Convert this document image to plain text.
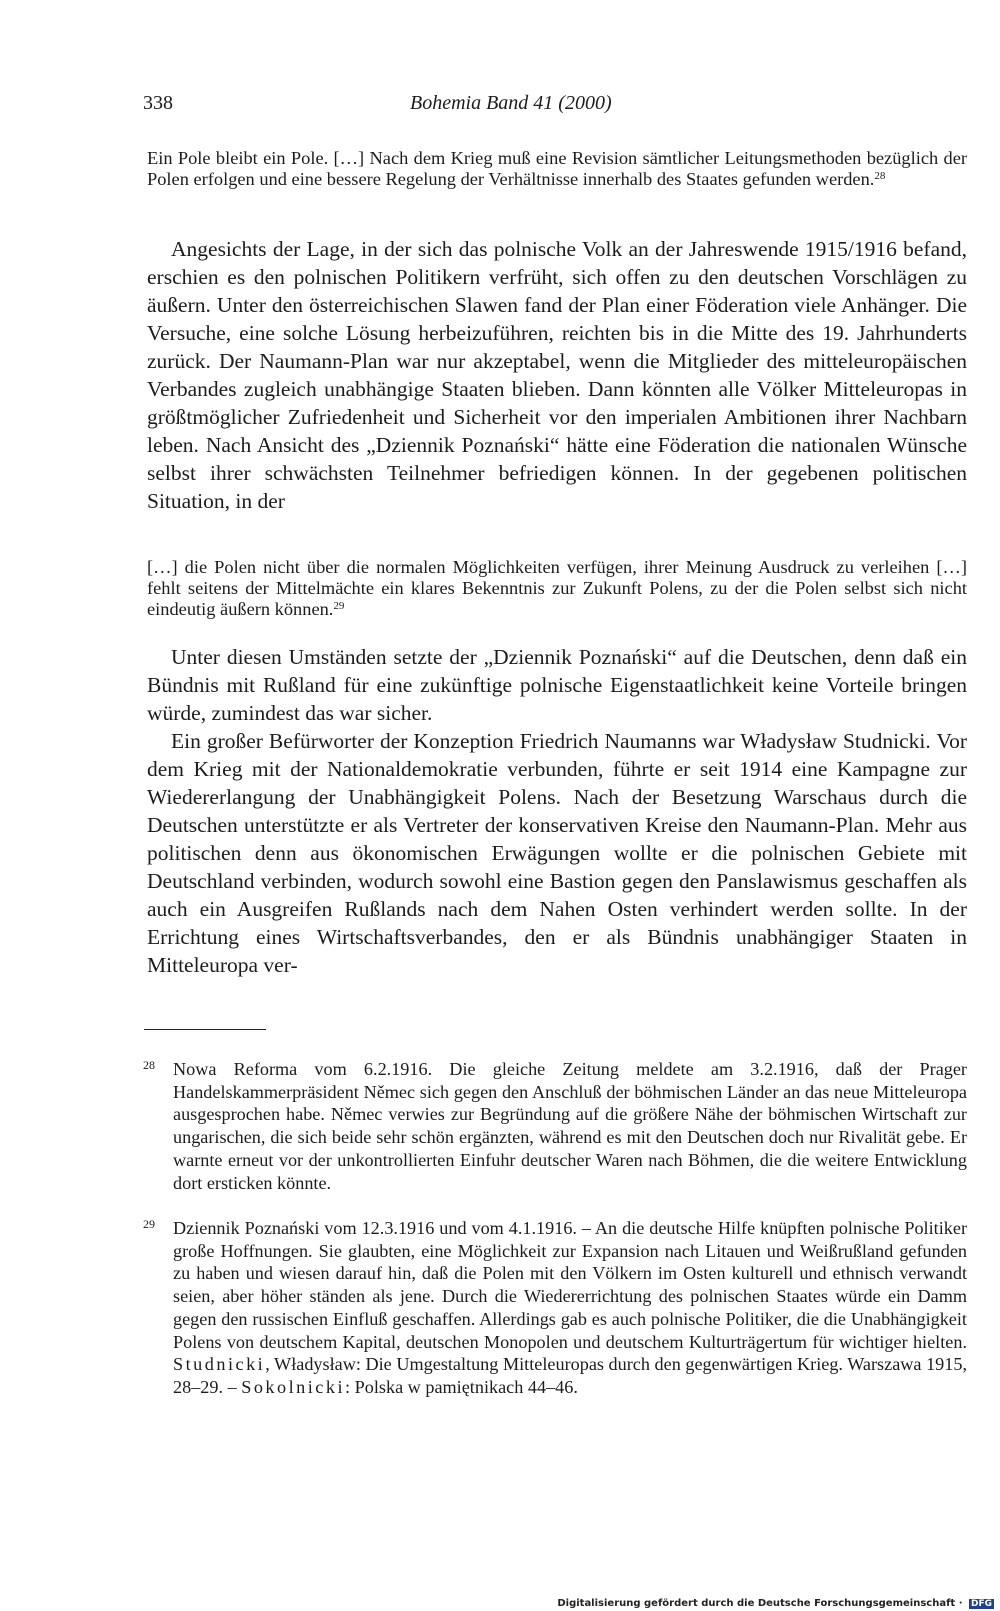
338	Bohemia Band 41 (2000)
Ein Pole bleibt ein Pole. […] Nach dem Krieg muß eine Revision sämtlicher Leitungsmethoden bezüglich der Polen erfolgen und eine bessere Regelung der Verhältnisse innerhalb des Staates gefunden werden.$^{28}$

Angesichts der Lage, in der sich das polnische Volk an der Jahreswende 1915/1916 befand, erschien es den polnischen Politikern verfrüht, sich offen zu den deutschen Vorschlägen zu äußern. Unter den österreichischen Slawen fand der Plan einer Föderation viele Anhänger. Die Versuche, eine solche Lösung herbeizuführen, reichten bis in die Mitte des 19. Jahrhunderts zurück. Der Naumann-Plan war nur akzeptabel, wenn die Mitglieder des mitteleuropäischen Verbandes zugleich unabhängige Staaten blieben. Dann könnten alle Völker Mitteleuropas in größtmöglicher Zufriedenheit und Sicherheit vor den imperialen Ambitionen ihrer Nachbarn leben. Nach Ansicht des „Dziennik Poznański“ hätte eine Föderation die nationalen Wünsche selbst ihrer schwächsten Teilnehmer befriedigen können. In der gegebenen politischen Situation, in der

[…] die Polen nicht über die normalen Möglichkeiten verfügen, ihrer Meinung Ausdruck zu verleihen […] fehlt seitens der Mittelmächte ein klares Bekenntnis zur Zukunft Polens, zu der die Polen selbst sich nicht eindeutig äußern können.$^{29}$

Unter diesen Umständen setzte der „Dziennik Poznański“ auf die Deutschen, denn daß ein Bündnis mit Rußland für eine zukünftige polnische Eigenstaatlichkeit keine Vorteile bringen würde, zumindest das war sicher.

Ein großer Befürworter der Konzeption Friedrich Naumanns war Władysław Studnicki. Vor dem Krieg mit der Nationaldemokratie verbunden, führte er seit 1914 eine Kampagne zur Wiedererlangung der Unabhängigkeit Polens. Nach der Besetzung Warschaus durch die Deutschen unterstützte er als Vertreter der konservativen Kreise den Naumann-Plan. Mehr aus politischen denn aus ökonomischen Erwägungen wollte er die polnischen Gebiete mit Deutschland verbinden, wodurch sowohl eine Bastion gegen den Panslawismus geschaffen als auch ein Ausgreifen Rußlands nach dem Nahen Osten verhindert werden sollte. In der Errichtung eines Wirtschaftsverbandes, den er als Bündnis unabhängiger Staaten in Mitteleuropa ver-

28 Nowa Reforma vom 6.2.1916. Die gleiche Zeitung meldete am 3.2.1916, daß der Prager Handelskammerpräsident Němec sich gegen den Anschluß der böhmischen Länder an das neue Mitteleuropa ausgesprochen habe. Němec verwies zur Begründung auf die größere Nähe der böhmischen Wirtschaft zur ungarischen, die sich beide sehr schön ergänzten, während es mit den Deutschen doch nur Rivalität gebe. Er warnte erneut vor der unkontrollierten Einfuhr deutscher Waren nach Böhmen, die die weitere Entwicklung dort ersticken könnte.
29 Dziennik Poznański vom 12.3.1916 und vom 4.1.1916. – An die deutsche Hilfe knüpften polnische Politiker große Hoffnungen. Sie glaubten, eine Möglichkeit zur Expansion nach Litauen und Weißrußland gefunden zu haben und wiesen darauf hin, daß die Polen mit den Völkern im Osten kulturell und ethnisch verwandt seien, aber höher ständen als jene. Durch die Wiedererrichtung des polnischen Staates würde ein Damm gegen den russischen Einfluß geschaffen. Allerdings gab es auch polnische Politiker, die die Unabhängigkeit Polens von deutschem Kapital, deutschen Monopolen und deutschem Kulturträgertum für wichtiger hielten. Studnicki, Władysław: Die Umgestaltung Mitteleuropas durch den gegenwärtigen Krieg. Warszawa 1915, 28–29. – Sokolnicki: Polska w pamiętnikach 44–46.
Digitalisierung gefördert durch die Deutsche Forschungsgemeinschaft · DFG
